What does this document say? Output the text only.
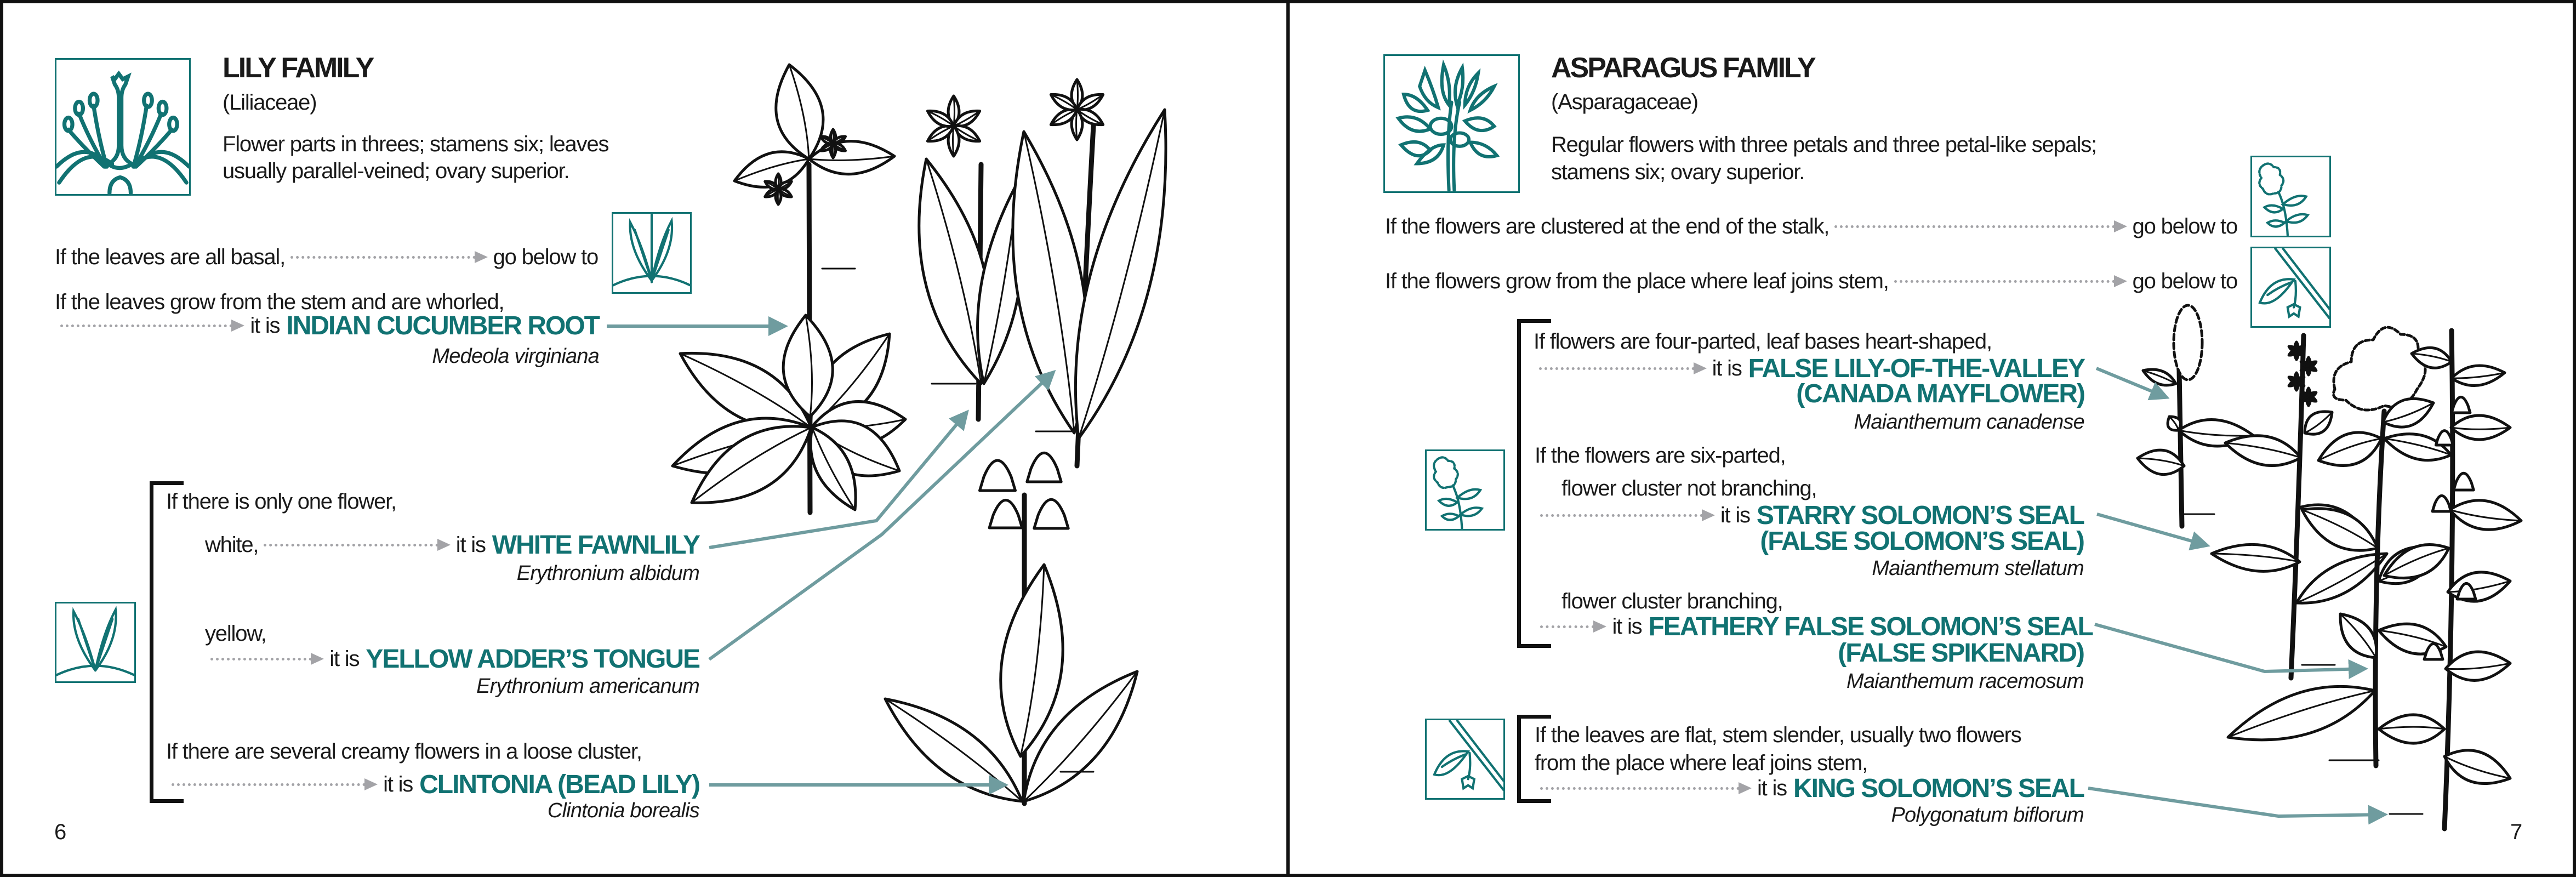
LILY FAMILY
(Liliaceae)
Flower parts in threes; stamens six; leaves
usually parallel-veined; ovary superior.
If the leaves are all basal,	go below to
If the leaves grow from the stem and are whorled,
it is INDIAN CUCUMBER ROOT
Medeola virginiana
If there is only one flower,
white,	it is WHITE FAWNLILY
Erythronium albidum
yellow,
it is YELLOW ADDER’S TONGUE
Erythronium americanum
If there are several creamy flowers in a loose cluster,
it is CLINTONIA (BEAD LILY)
Clintonia borealis
6
ASPARAGUS FAMILY
(Asparagaceae)
Regular flowers with three petals and three petal-like sepals;
stamens six; ovary superior.
If the flowers are clustered at the end of the stalk,	go below to
If the flowers grow from the place where leaf joins stem,	go below to
If flowers are four-parted, leaf bases heart-shaped,
it is FALSE LILY-OF-THE-VALLEY
(CANADA MAYFLOWER)
Maianthemum canadense
If the flowers are six-parted,
flower cluster not branching,
it is STARRY SOLOMON’S SEAL
(FALSE SOLOMON’S SEAL)
Maianthemum stellatum
flower cluster branching,
it is FEATHERY FALSE SOLOMON’S SEAL
(FALSE SPIKENARD)
Maianthemum racemosum
If the leaves are flat, stem slender, usually two flowers
from the place where leaf joins stem,
it is KING SOLOMON’S SEAL
Polygonatum biflorum
7
